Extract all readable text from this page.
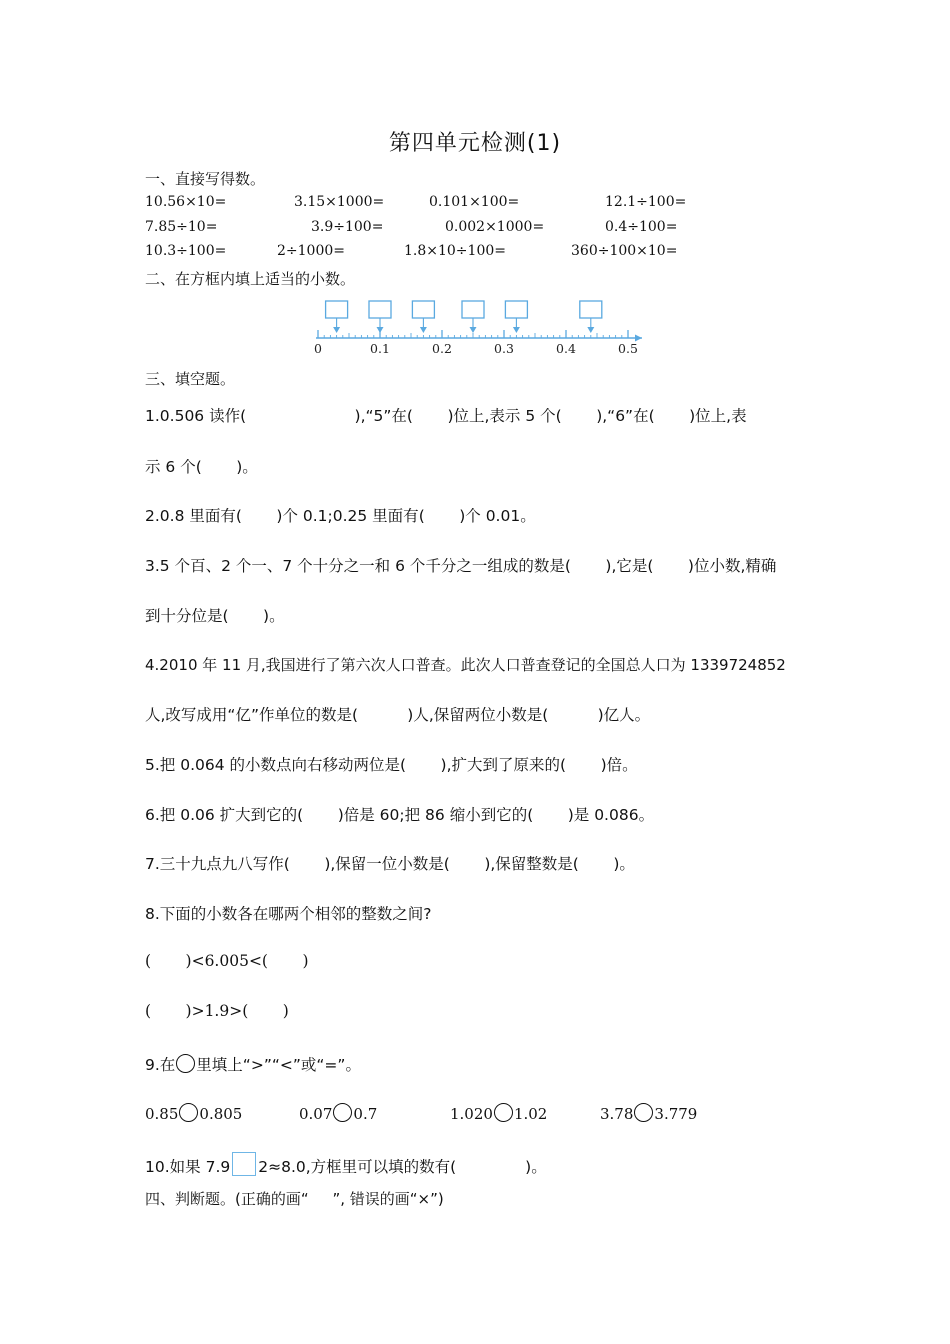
第四单元检测(1)
一、直接写得数。
10.56×10=	3.15×1000=	0.101×100=	12.1÷100=
7.85÷10=	3.9÷100=	0.002×1000=	0.4÷100=
10.3÷100=	2÷1000=	1.8×10÷100=	360÷100×10=
二、在方框内填上适当的小数。
0	0.1	0.2	0.3	0.4	0.5
三、填空题。
1.0.506 读作(                      ),“5”在(       )位上,表示 5 个(       ),“6”在(       )位上,表
示 6 个(       )。
2.0.8 里面有(       )个 0.1;0.25 里面有(       )个 0.01。
3.5 个百、2 个一、7 个十分之一和 6 个千分之一组成的数是(       ),它是(       )位小数,精确
到十分位是(       )。
4.2010 年 11 月,我国进行了第六次人口普查。此次人口普查登记的全国总人口为 1339724852
人,改写成用“亿”作单位的数是(          )人,保留两位小数是(          )亿人。
5.把 0.064 的小数点向右移动两位是(       ),扩大到了原来的(       )倍。
6.把 0.06 扩大到它的(       )倍是 60;把 86 缩小到它的(       )是 0.086。
7.三十九点九八写作(       ),保留一位小数是(       ),保留整数是(       )。
8.下面的小数各在哪两个相邻的整数之间?
(       )<6.005<(       )
(       )>1.9>(       )
9.在 里填上“>”“<”或“=”。
0.85 0.805	0.07 0.7	1.020 1.02	3.78 3.779
10.如果 7.9 2≈8.0,方框里可以填的数有(              )。
四、判断题。(正确的画“     ”, 错误的画“×”)
